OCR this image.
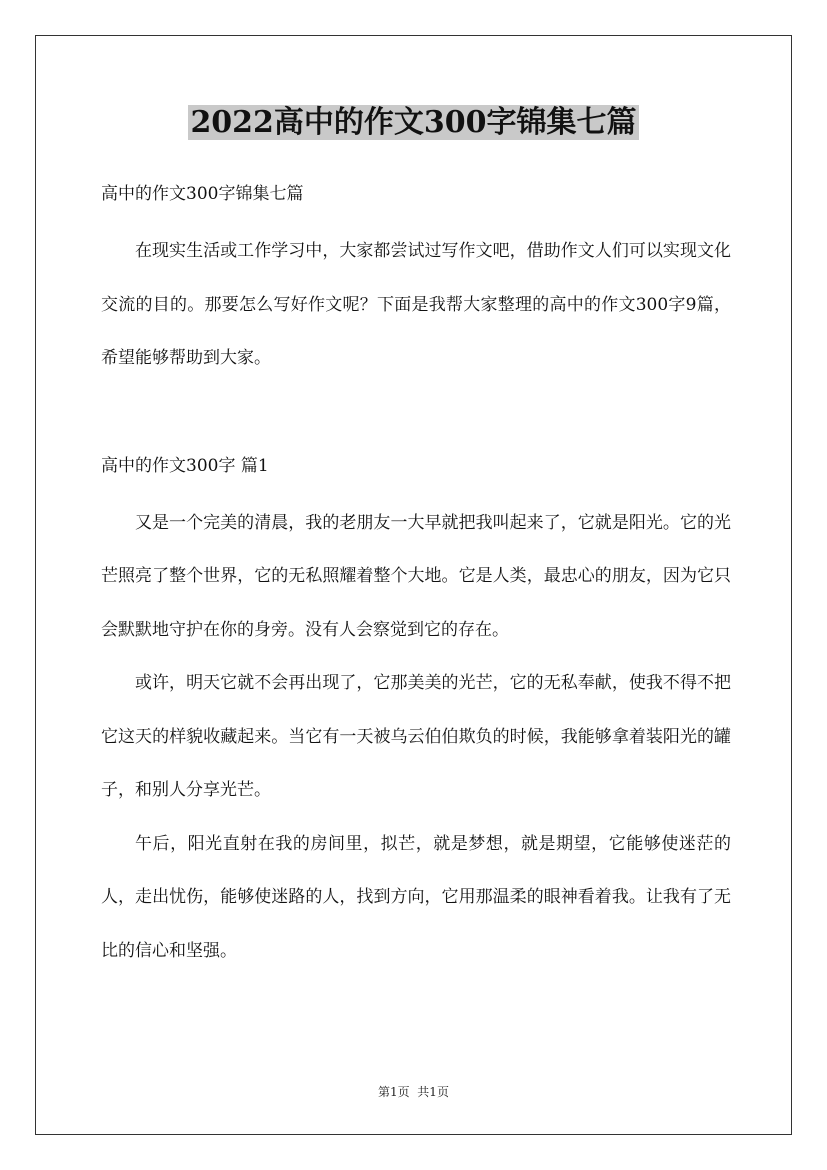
2022高中的作文300字锦集七篇

高中的作文300字锦集七篇

在现实生活或工作学习中，大家都尝试过写作文吧，借助作文人们可以实现文化交流的目的。那要怎么写好作文呢？下面是我帮大家整理的高中的作文300字9篇，希望能够帮助到大家。

高中的作文300字 篇1

又是一个完美的清晨，我的老朋友一大早就把我叫起来了，它就是阳光。它的光芒照亮了整个世界，它的无私照耀着整个大地。它是人类，最忠心的朋友，因为它只会默默地守护在你的身旁。没有人会察觉到它的存在。

或许，明天它就不会再出现了，它那美美的光芒，它的无私奉献，使我不得不把它这天的样貌收藏起来。当它有一天被乌云伯伯欺负的时候，我能够拿着装阳光的罐子，和别人分享光芒。

午后，阳光直射在我的房间里，拟芒，就是梦想，就是期望，它能够使迷茫的人，走出忧伤，能够使迷路的人，找到方向，它用那温柔的眼神看着我。让我有了无比的信心和坚强。

第1页  共1页
